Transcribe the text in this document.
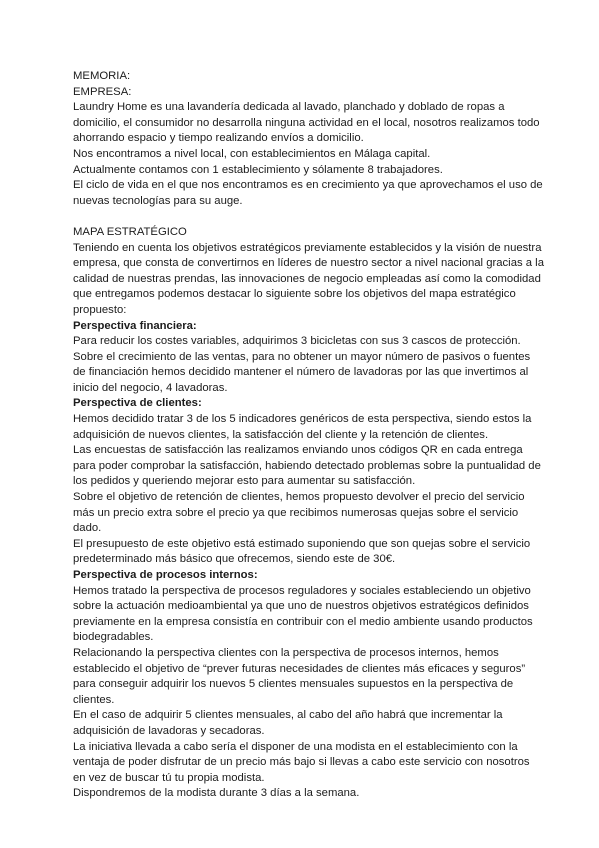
MEMORIA:

EMPRESA:

Laundry Home es una lavandería dedicada al lavado, planchado y doblado de ropas a domicilio, el consumidor no desarrolla ninguna actividad en el local, nosotros realizamos todo ahorrando espacio y tiempo realizando envíos a domicilio.

Nos encontramos a nivel local, con establecimientos en Málaga capital.

Actualmente contamos con 1 establecimiento y sólamente 8 trabajadores.

El ciclo de vida en el que nos encontramos es en crecimiento ya que aprovechamos el uso de nuevas tecnologías para su auge.

MAPA ESTRATÉGICO

Teniendo en cuenta los objetivos estratégicos previamente establecidos y la visión de nuestra empresa, que consta de convertirnos en líderes de nuestro sector a nivel nacional gracias a la calidad de nuestras prendas, las innovaciones de negocio empleadas así como la comodidad que entregamos podemos destacar lo siguiente sobre los objetivos del mapa estratégico propuesto:

Perspectiva financiera:

Para reducir los costes variables, adquirimos 3 bicicletas con sus 3 cascos de protección.

Sobre el crecimiento de las ventas, para no obtener un mayor número de pasivos o fuentes de financiación hemos decidido mantener el número de lavadoras por las que invertimos al inicio del negocio, 4 lavadoras.

Perspectiva de clientes:

Hemos decidido tratar 3 de los 5 indicadores genéricos de esta perspectiva, siendo estos la adquisición de nuevos clientes, la satisfacción del cliente y la retención de clientes.

Las encuestas de satisfacción las realizamos enviando unos códigos QR en cada entrega para poder comprobar la satisfacción, habiendo detectado problemas sobre la puntualidad de los pedidos y queriendo mejorar esto para aumentar su satisfacción.

Sobre el objetivo de retención de clientes, hemos propuesto devolver el precio del servicio más un precio extra sobre el precio ya que recibimos numerosas quejas sobre el servicio dado.

El presupuesto de este objetivo está estimado suponiendo que son quejas sobre el servicio predeterminado más básico que ofrecemos, siendo este de 30€.

Perspectiva de procesos internos:

Hemos tratado la perspectiva de procesos reguladores y sociales estableciendo un objetivo sobre la actuación medioambiental ya que uno de nuestros objetivos estratégicos definidos previamente en la empresa consistía en contribuir con el medio ambiente usando productos biodegradables.

Relacionando la perspectiva clientes con la perspectiva de procesos internos, hemos establecido el objetivo de “prever futuras necesidades de clientes más eficaces y seguros” para conseguir adquirir los nuevos 5 clientes mensuales supuestos en la perspectiva de clientes.

En el caso de adquirir 5 clientes mensuales, al cabo del año habrá que incrementar la adquisición de lavadoras y secadoras.

La iniciativa llevada a cabo sería el disponer de una modista en el establecimiento con la ventaja de poder disfrutar de un precio más bajo si llevas a cabo este servicio con nosotros en vez de buscar tú tu propia modista.

Dispondremos de la modista durante 3 días a la semana.
